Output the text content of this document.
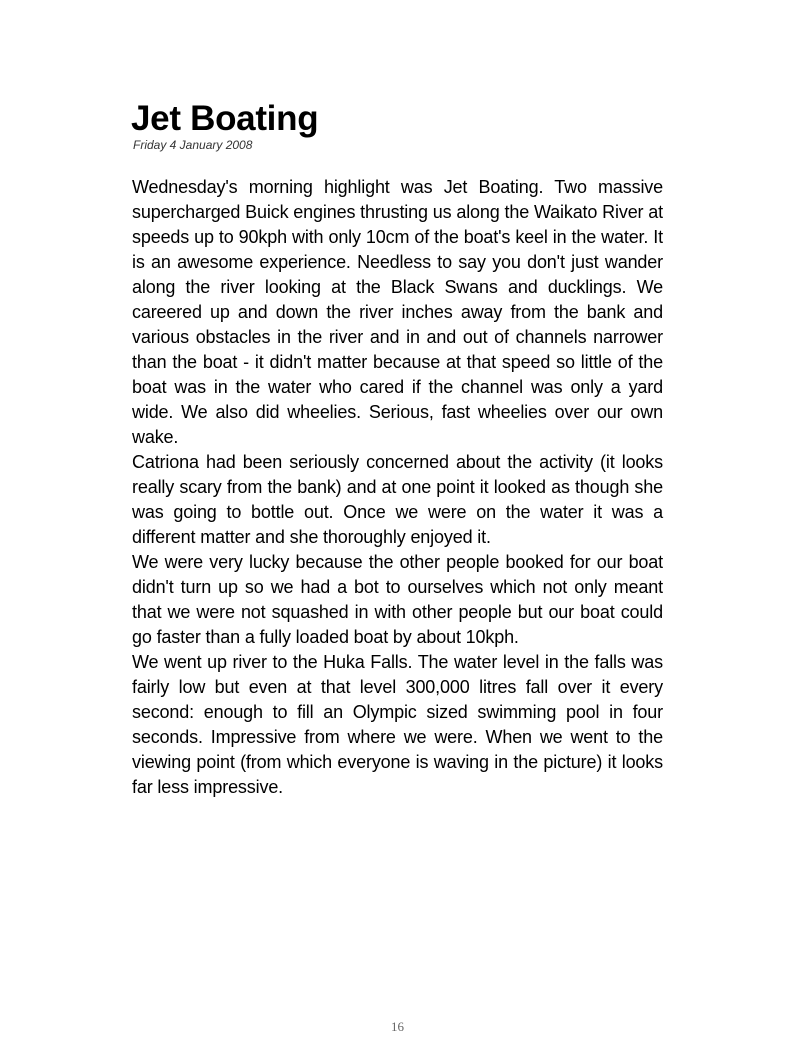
Jet Boating
Friday 4 January 2008

Wednesday's morning highlight was Jet Boating. Two massive supercharged Buick engines thrusting us along the Waikato River at speeds up to 90kph with only 10cm of the boat's keel in the water. It is an awesome experience. Needless to say you don't just wander along the river looking at the Black Swans and ducklings. We careered up and down the river inches away from the bank and various obstacles in the river and in and out of channels narrower than the boat - it didn't matter because at that speed so little of the boat was in the water who cared if the channel was only a yard wide. We also did wheelies. Serious, fast wheelies over our own wake.

Catriona had been seriously concerned about the activity (it looks really scary from the bank) and at one point it looked as though she was going to bottle out. Once we were on the water it was a different matter and she thoroughly enjoyed it.

We were very lucky because the other people booked for our boat didn't turn up so we had a bot to ourselves which not only meant that we were not squashed in with other people but our boat could go faster than a fully loaded boat by about 10kph.

We went up river to the Huka Falls. The water level in the falls was fairly low but even at that level 300,000 litres fall over it every second: enough to fill an Olympic sized swimming pool in four seconds. Impressive from where we were. When we went to the viewing point (from which everyone is waving in the picture) it looks far less impressive.

16
